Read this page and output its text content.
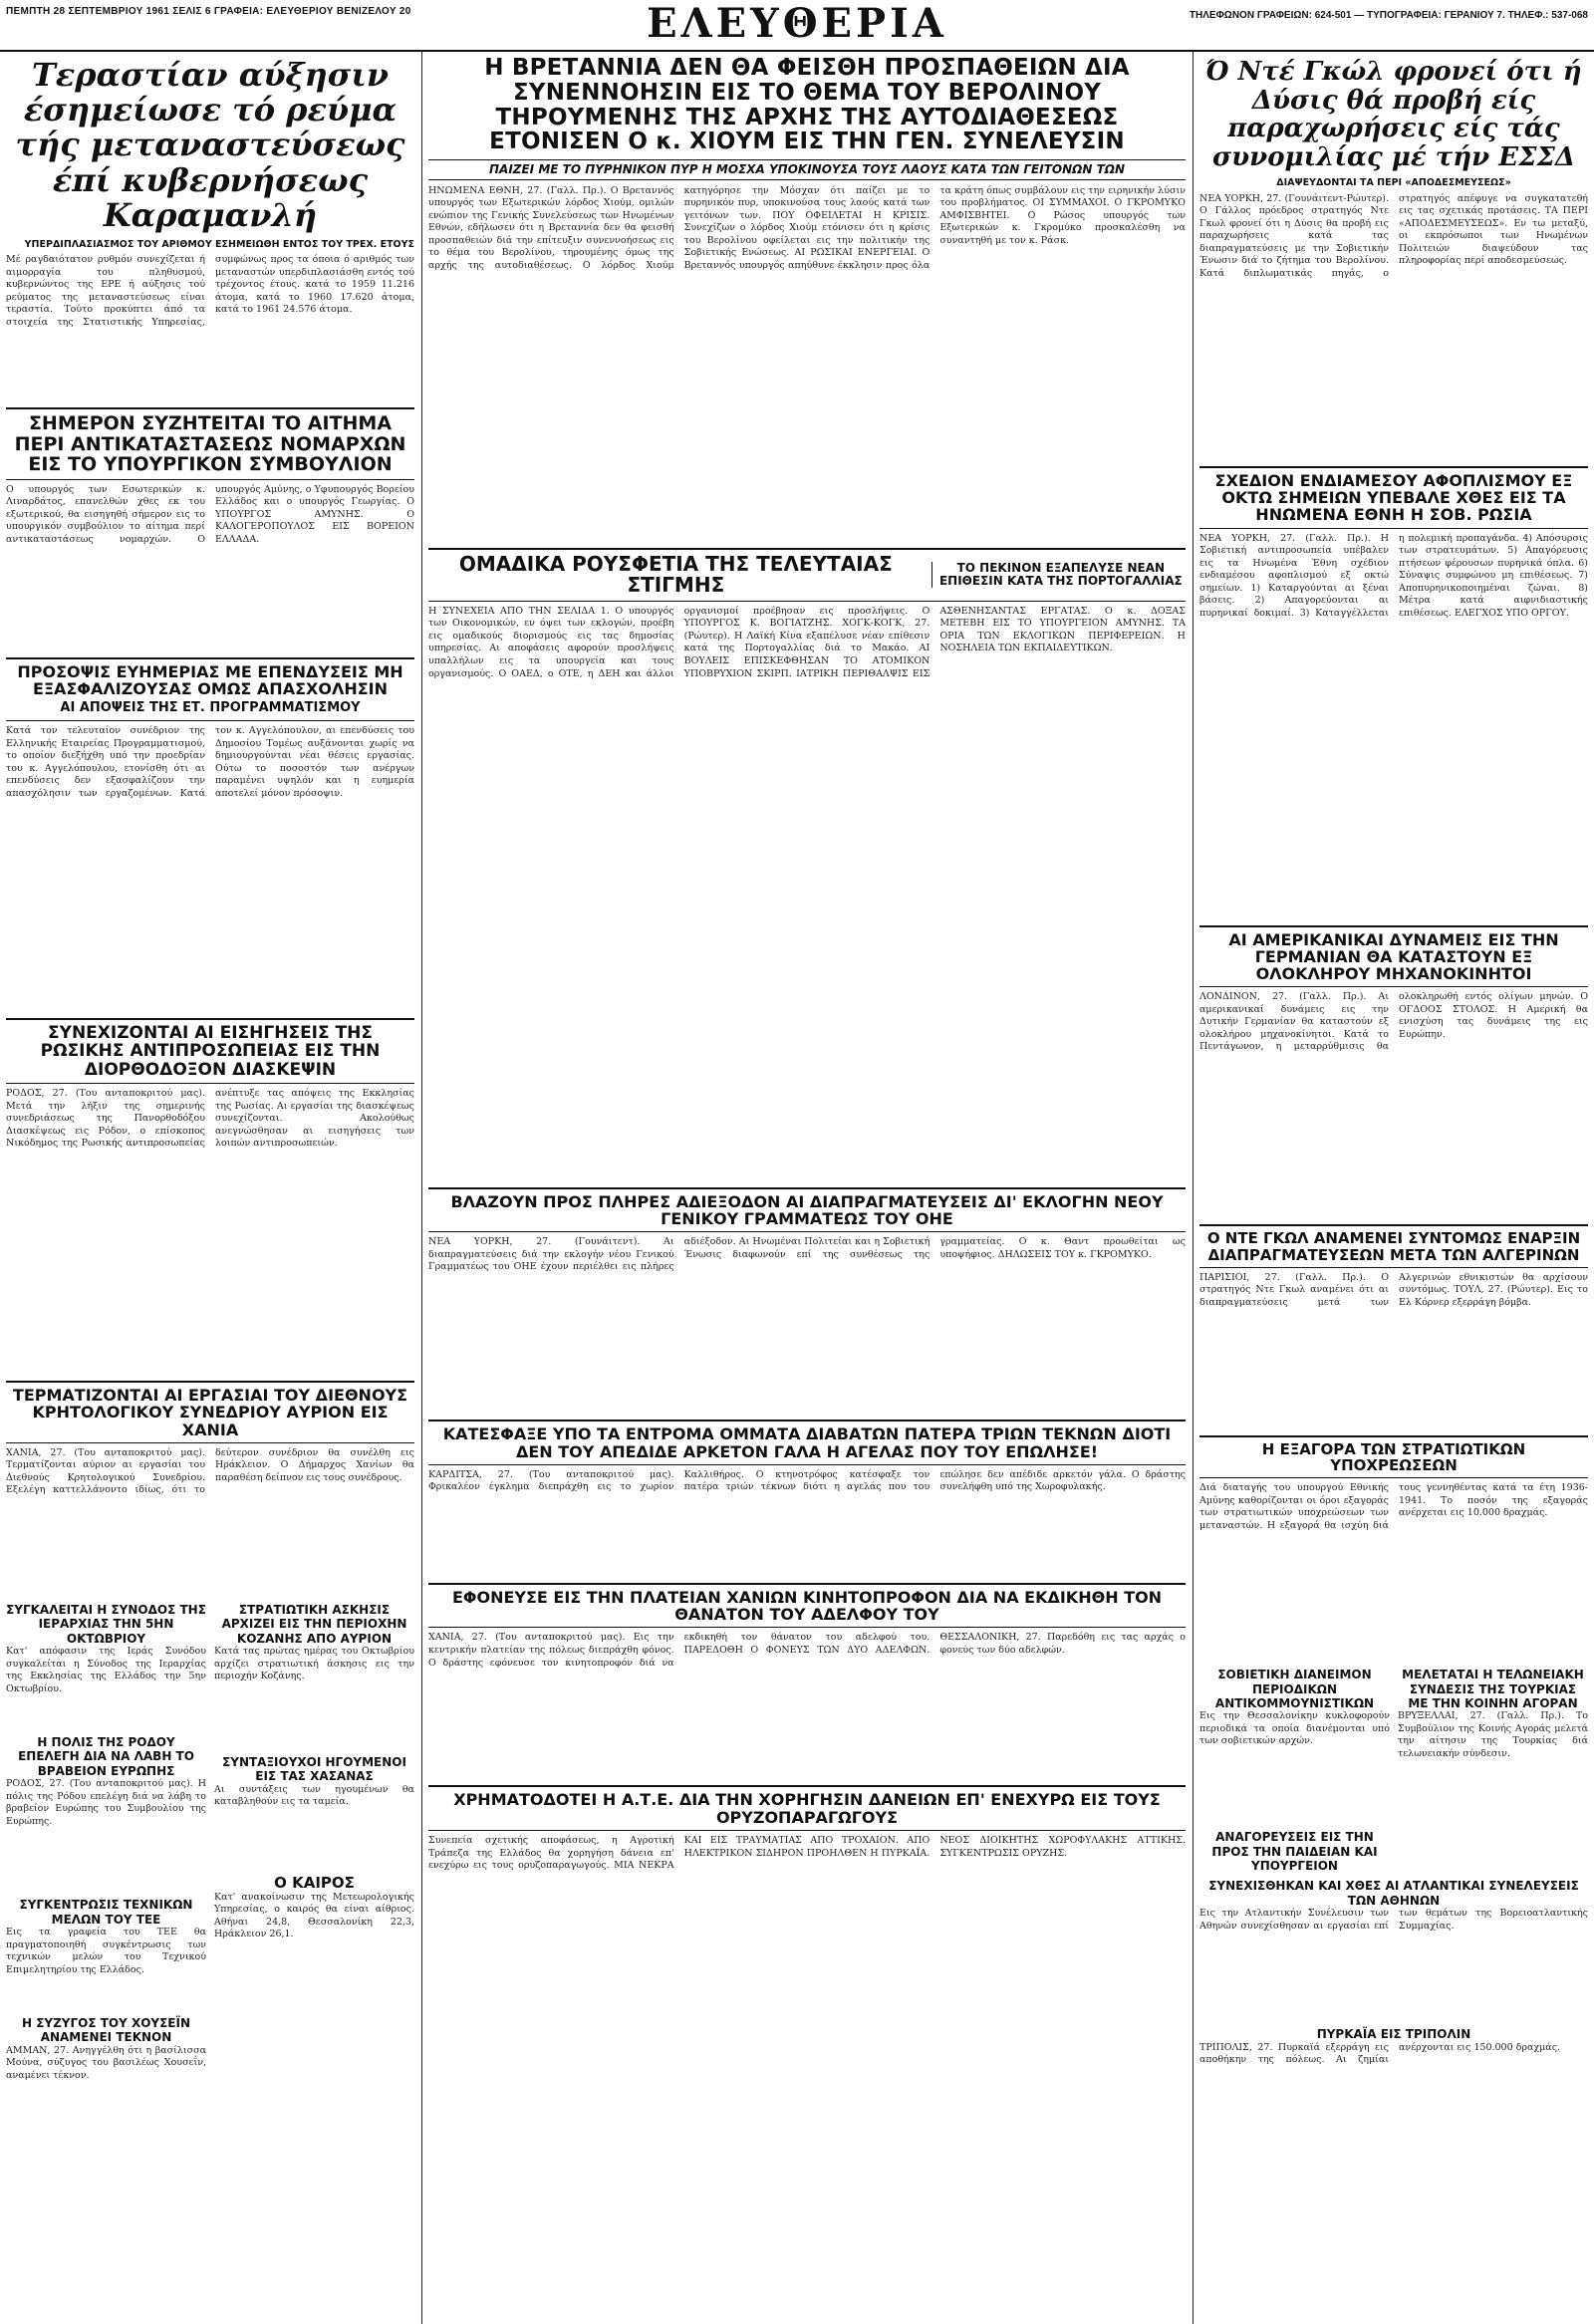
ΠΕΜΠΤΗ 28 ΣΕΠΤΕΜΒΡΙΟΥ 1961 ΣΕΛΙΣ 6 ΓΡΑΦΕΙΑ: ΕΛΕΥΘΕΡΙΟΥ ΒΕΝΙΖΕΛΟΥ 20	ΕΛΕΥΘΕΡΙΑ	ΤΗΛΕΦΩΝΟΝ ΓΡΑΦΕΙΩΝ: 624-501 — ΤΥΠΟΓΡΑΦΕΙΑ: ΓΕΡΑΝΙΟΥ 7. ΤΗΛΕΦ.: 537-068
Τεραστίαν αύξησιν έσημείωσε τό ρεύμα τής μεταναστεύσεως έπί κυβερνήσεως Καραμανλή
ΥΠΕΡΔΙΠΛΑΣΙΑΣΜΟΣ ΤΟΥ ΑΡΙΘΜΟΥ ΕΣΗΜΕΙΩΘΗ ΕΝΤΟΣ ΤΟΥ ΤΡΕΧ. ΕΤΟΥΣ
Μέ ραγδαιότατον ρυθμόν συνεχίζεται ή αιμορραγία του πληθυσμού, κυβερνώντος της ΕΡΕ ή αύξησις τού ρεύματος της μεταναστεύσεως είναι τεραστία. Τούτο προκύπτει άπό τα στοιχεία της Στατιστικής Υπηρεσίας, συμφώνως προς τα όποια ό αριθμός των μεταναστών υπερδιπλασιάσθη εντός τού τρέχοντος έτους. κατά το 1959 11.216 άτομα, κατά το 1960 17.620 άτομα, κατά το 1961 24.576 άτομα.
ΣΗΜΕΡΟΝ ΣΥΖΗΤΕΙΤΑΙ ΤΟ ΑΙΤΗΜΑ ΠΕΡΙ ΑΝΤΙΚΑΤΑΣΤΑΣΕΩΣ ΝΟΜΑΡΧΩΝ ΕΙΣ ΤΟ ΥΠΟΥΡΓΙΚΟΝ ΣΥΜΒΟΥΛΙΟΝ
Ο υπουργός των Εσωτερικών κ. Λιναρδάτος, επανελθών χθες εκ του εξωτερικού, θα εισηγηθή σήμερον εις το υπουργικόν συμβούλιον το αίτημα περί αντικαταστάσεως νομαρχών. Ο υπουργός Αμύνης, ο Υφυπουργός Βορείου Ελλάδος και ο υπουργός Γεωργίας. Ο ΥΠΟΥΡΓΟΣ ΑΜΥΝΗΣ. Ο ΚΑΛΟΓΕΡΟΠΟΥΛΟΣ ΕΙΣ ΒΟΡΕΙΟΝ ΕΛΛΑΔΑ.
ΠΡΟΣΟΨΙΣ ΕΥΗΜΕΡΙΑΣ ΜΕ ΕΠΕΝΔΥΣΕΙΣ ΜΗ ΕΞΑΣΦΑΛΙΖΟΥΣΑΣ ΟΜΩΣ ΑΠΑΣΧΟΛΗΣΙΝ
ΑΙ ΑΠΟΨΕΙΣ ΤΗΣ ΕΤ. ΠΡΟΓΡΑΜΜΑΤΙΣΜΟΥ
Κατά τον τελευταίον συνέδριον της Ελληνικής Εταιρείας Προγραμματισμού, το οποίον διεξήχθη υπό την προεδρίαν του κ. Αγγελόπουλου, ετονίσθη ότι αι επενδύσεις δεν εξασφαλίζουν την απασχόλησιν των εργαζομένων. Κατά τον κ. Αγγελόπουλον, αι επενδύσεις του Δημοσίου Τομέως αυξάνονται χωρίς να δημιουργούνται νέαι θέσεις εργασίας. Ούτω το ποσοστόν των ανέργων παραμένει υψηλόν και η ευημερία αποτελεί μόνον πρόσοψιν.
ΣΥΝΕΧΙΖΟΝΤΑΙ ΑΙ ΕΙΣΗΓΗΣΕΙΣ ΤΗΣ ΡΩΣΙΚΗΣ ΑΝΤΙΠΡΟΣΩΠΕΙΑΣ ΕΙΣ ΤΗΝ ΔΙΟΡΘΟΔΟΞΟΝ ΔΙΑΣΚΕΨΙΝ
ΡΟΔΟΣ, 27. (Του ανταποκριτού μας). Μετά την λήξιν της σημερινής συνεδριάσεως της Πανορθοδόξου Διασκέψεως εις Ρόδον, ο επίσκοπος Νικόδημος της Ρωσικής αντιπροσωπείας ανέπτυξε τας απόψεις της Εκκλησίας της Ρωσίας. Αι εργασίαι της διασκέψεως συνεχίζονται. Ακολούθως ανεγνώσθησαν αι εισηγήσεις των λοιπών αντιπροσωπειών.
ΤΕΡΜΑΤΙΖΟΝΤΑΙ ΑΙ ΕΡΓΑΣΙΑΙ ΤΟΥ ΔΙΕΘΝΟΥΣ ΚΡΗΤΟΛΟΓΙΚΟΥ ΣΥΝΕΔΡΙΟΥ ΑΥΡΙΟΝ ΕΙΣ ΧΑΝΙΑ
ΧΑΝΙΑ, 27. (Του ανταποκριτού μας). Τερματίζονται αύριον αι εργασίαι του Διεθνούς Κρητολογικού Συνεδρίου. Εξελέγη καττελλάνοντο ιδίως, ότι το δεύτερον συνέδριον θα συνέλθη εις Ηράκλειον. Ο Δήμαρχος Χανίων θα παραθέση δείπνον εις τους συνέδρους.
ΣΥΓΚΑΛΕΙΤΑΙ Η ΣΥΝΟΔΟΣ ΤΗΣ ΙΕΡΑΡΧΙΑΣ ΤΗΝ 5ΗΝ ΟΚΤΩΒΡΙΟΥ
Κατ' απόφασιν της Ιεράς Συνόδου συγκαλείται η Σύνοδος της Ιεραρχίας της Εκκλησίας της Ελλάδος την 5ην Οκτωβρίου.
Η ΠΟΛΙΣ ΤΗΣ ΡΟΔΟΥ ΕΠΕΛΕΓΗ ΔΙΑ ΝΑ ΛΑΒΗ ΤΟ ΒΡΑΒΕΙΟΝ ΕΥΡΩΠΗΣ
ΡΟΔΟΣ, 27. (Του ανταποκριτού μας). Η πόλις της Ρόδου επελέγη διά να λάβη το βραβείον Ευρώπης του Συμβουλίου της Ευρώπης.
ΣΥΓΚΕΝΤΡΩΣΙΣ ΤΕΧΝΙΚΩΝ ΜΕΛΩΝ ΤΟΥ ΤΕΕ
Εις τα γραφεία του ΤΕΕ θα πραγματοποιηθή συγκέντρωσις των τεχνικών μελών του Τεχνικού Επιμελητηρίου της Ελλάδος.
Η ΣΥΖΥΓΟΣ ΤΟΥ ΧΟΥΣΕΪΝ ΑΝΑΜΕΝΕΙ ΤΕΚΝΟΝ
ΑΜΜΑΝ, 27. Ανηγγέλθη ότι η βασίλισσα Μούνα, σύζυγος του βασιλέως Χουσεΐν, αναμένει τέκνον.
ΣΤΡΑΤΙΩΤΙΚΗ ΑΣΚΗΣΙΣ ΑΡΧΙΖΕΙ ΕΙΣ ΤΗΝ ΠΕΡΙΟΧΗΝ ΚΟΖΑΝΗΣ ΑΠΟ ΑΥΡΙΟΝ
Κατά τας πρώτας ημέρας του Οκτωβρίου αρχίζει στρατιωτική άσκησις εις την περιοχήν Κοζάνης.
ΣΥΝΤΑΞΙΟΥΧΟΙ ΗΓΟΥΜΕΝΟΙ ΕΙΣ ΤΑΣ ΧΑΣΑΝΑΣ
Αι συντάξεις των ηγουμένων θα καταβληθούν εις τα ταμεία.
Ο ΚΑΙΡΟΣ
Κατ' ανακοίνωσιν της Μετεωρολογικής Υπηρεσίας, ο καιρός θα είναι αίθριος. Αθήναι 24,8, Θεσσαλονίκη 22,3, Ηράκλειον 26,1.
Η ΒΡΕΤΑΝΝΙΑ ΔΕΝ ΘΑ ΦΕΙΣΘΗ ΠΡΟΣΠΑΘΕΙΩΝ ΔΙΑ ΣΥΝΕΝΝΟΗΣΙΝ ΕΙΣ ΤΟ ΘΕΜΑ ΤΟΥ ΒΕΡΟΛΙΝΟΥ ΤΗΡΟΥΜΕΝΗΣ ΤΗΣ ΑΡΧΗΣ ΤΗΣ ΑΥΤΟΔΙΑΘΕΣΕΩΣ ΕΤΟΝΙΣΕΝ Ο κ. ΧΙΟΥΜ ΕΙΣ ΤΗΝ ΓΕΝ. ΣΥΝΕΛΕΥΣΙΝ
ΠΑΙΖΕΙ ΜΕ ΤΟ ΠΥΡΗΝΙΚΟΝ ΠΥΡ Η ΜΟΣΧΑ ΥΠΟΚΙΝΟΥΣΑ ΤΟΥΣ ΛΑΟΥΣ ΚΑΤΑ ΤΩΝ ΓΕΙΤΟΝΩΝ ΤΩΝ
ΗΝΩΜΕΝΑ ΕΘΝΗ, 27. (Γαλλ. Πρ.). Ο Βρεταννός υπουργός των Εξωτερικών λόρδος Χιούμ, ομιλών ενώπιον της Γενικής Συνελεύσεως των Ηνωμένων Εθνών, εδήλωσεν ότι η Βρεταννία δεν θα φεισθή προσπαθειών διά την επίτευξιν συνεννοήσεως εις το θέμα του Βερολίνου, τηρουμένης όμως της αρχής της αυτοδιαθέσεως. Ο λόρδος Χιούμ κατηγόρησε την Μόσχαν ότι παίζει με το πυρηνικόν πυρ, υποκινούσα τους λαούς κατά των γειτόνων των. ΠΟΥ ΟΦΕΙΛΕΤΑΙ Η ΚΡΙΣΙΣ. Συνεχίζων ο λόρδος Χιούμ ετόνισεν ότι η κρίσις του Βερολίνου οφείλεται εις την πολιτικήν της Σοβιετικής Ενώσεως. ΑΙ ΡΩΣΙΚΑΙ ΕΝΕΡΓΕΙΑΙ. Ο Βρεταννός υπουργός απηύθυνε έκκλησιν προς όλα τα κράτη όπως συμβάλουν εις την ειρηνικήν λύσιν του προβλήματος. ΟΙ ΣΥΜΜΑΧΟΙ. Ο ΓΚΡΟΜΥΚΟ ΑΜΦΙΣΒΗΤΕΙ. Ο Ρώσος υπουργός των Εξωτερικών κ. Γκρομύκο προσκαλέσθη να συναντηθή με τον κ. Ράσκ.
ΟΜΑΔΙΚΑ ΡΟΥΣΦΕΤΙΑ ΤΗΣ ΤΕΛΕΥΤΑΙΑΣ ΣΤΙΓΜΗΣ
ΤΟ ΠΕΚΙΝΟΝ ΕΞΑΠΕΛΥΣΕ ΝΕΑΝ ΕΠΙΘΕΣΙΝ ΚΑΤΑ ΤΗΣ ΠΟΡΤΟΓΑΛΛΙΑΣ
Η ΣΥΝΕΧΕΙΑ ΑΠΟ ΤΗΝ ΣΕΛΙΔΑ 1. Ο υπουργός των Οικονομικών, εν όψει των εκλογών, προέβη εις ομαδικούς διορισμούς εις τας δημοσίας υπηρεσίας. Αι αποφάσεις αφορούν προσλήψεις υπαλλήλων εις τα υπουργεία και τους οργανισμούς. Ο ΟΑΕΔ, ο ΟΤΕ, η ΔΕΗ και άλλοι οργανισμοί προέβησαν εις προσλήψεις. Ο ΥΠΟΥΡΓΟΣ Κ. ΒΟΓΙΑΤΖΗΣ. ΧΟΓΚ-ΚΟΓΚ, 27. (Ρώυτερ). Η Λαϊκή Κίνα εξαπέλυσε νέαν επίθεσιν κατά της Πορτογαλλίας διά το Μακάο. ΑΙ ΒΟΥΛΕΙΣ ΕΠΙΣΚΕΦΘΗΣΑΝ ΤΟ ΑΤΟΜΙΚΟΝ ΥΠΟΒΡΥΧΙΟΝ ΣΚΙΡΠ. ΙΑΤΡΙΚΗ ΠΕΡΙΘΑΛΨΙΣ ΕΙΣ ΑΣΘΕΝΗΣΑΝΤΑΣ ΕΡΓΑΤΑΣ. Ο κ. ΔΟΞΑΣ ΜΕΤΕΒΗ ΕΙΣ ΤΟ ΥΠΟΥΡΓΕΙΟΝ ΑΜΥΝΗΣ. ΤΑ ΟΡΙΑ ΤΩΝ ΕΚΛΟΓΙΚΩΝ ΠΕΡΙΦΕΡΕΙΩΝ. Η ΝΟΣΗΛΕΙΑ ΤΩΝ ΕΚΠΑΙΔΕΥΤΙΚΩΝ.
ΒΛΑΖΟΥΝ ΠΡΟΣ ΠΛΗΡΕΣ ΑΔΙΕΞΟΔΟΝ ΑΙ ΔΙΑΠΡΑΓΜΑΤΕΥΣΕΙΣ ΔΙ' ΕΚΛΟΓΗΝ ΝΕΟΥ ΓΕΝΙΚΟΥ ΓΡΑΜΜΑΤΕΩΣ ΤΟΥ ΟΗΕ
ΝΕΑ ΥΟΡΚΗ, 27. (Γουνάιτεντ). Αι διαπραγματεύσεις διά την εκλογήν νέου Γενικού Γραμματέως του ΟΗΕ έχουν περιέλθει εις πλήρες αδιέξοδον. Αι Ηνωμέναι Πολιτείαι και η Σοβιετική Ένωσις διαφωνούν επί της συνθέσεως της γραμματείας. Ο κ. Θαντ προωθείται ως υποψήφιος. ΔΗΛΩΣΕΙΣ ΤΟΥ κ. ΓΚΡΟΜΥΚΟ.
ΚΑΤΕΣΦΑΞΕ ΥΠΟ ΤΑ ΕΝΤΡΟΜΑ ΟΜΜΑΤΑ ΔΙΑΒΑΤΩΝ ΠΑΤΕΡΑ ΤΡΙΩΝ ΤΕΚΝΩΝ ΔΙΟΤΙ ΔΕΝ ΤΟΥ ΑΠΕΔΙΔΕ ΑΡΚΕΤΟΝ ΓΑΛΑ Η ΑΓΕΛΑΣ ΠΟΥ ΤΟΥ ΕΠΩΛΗΣΕ!
ΚΑΡΔΙΤΣΑ, 27. (Του ανταποκριτού μας). Φρικαλέον έγκλημα διεπράχθη εις το χωρίον Καλλιθήρος. Ο κτηνοτρόφος κατέσφαξε τον πατέρα τριών τέκνων διότι η αγελάς που του επώλησε δεν απέδιδε αρκετόν γάλα. Ο δράστης συνελήφθη υπό της Χωροφυλακής.
ΕΦΟΝΕΥΣΕ ΕΙΣ ΤΗΝ ΠΛΑΤΕΙΑΝ ΧΑΝΙΩΝ ΚΙΝΗΤΟΠΡΟΦΟΝ ΔΙΑ ΝΑ ΕΚΔΙΚΗΘΗ ΤΟΝ ΘΑΝΑΤΟΝ ΤΟΥ ΑΔΕΛΦΟΥ ΤΟΥ
ΧΑΝΙΑ, 27. (Του ανταποκριτού μας). Εις την κεντρικήν πλατείαν της πόλεως διεπράχθη φόνος. Ο δράστης εφόνευσε τον κινητοπροφόν διά να εκδικηθή τον θάνατον του αδελφού του. ΠΑΡΕΔΟΘΗ Ο ΦΟΝΕΥΣ ΤΩΝ ΔΥΟ ΑΔΕΛΦΩΝ. ΘΕΣΣΑΛΟΝΙΚΗ, 27. Παρεδόθη εις τας αρχάς ο φονεύς των δύο αδελφών.
ΧΡΗΜΑΤΟΔΟΤΕΙ Η Α.Τ.Ε. ΔΙΑ ΤΗΝ ΧΟΡΗΓΗΣΙΝ ΔΑΝΕΙΩΝ ΕΠ' ΕΝΕΧΥΡΩ ΕΙΣ ΤΟΥΣ ΟΡΥΖΟΠΑΡΑΓΩΓΟΥΣ
Συνεπεία σχετικής αποφάσεως, η Αγροτική Τράπεζα της Ελλάδος θα χορηγήση δάνεια επ' ενεχύρω εις τους ορυζοπαραγωγούς. ΜΙΑ ΝΕΚΡΑ ΚΑΙ ΕΙΣ ΤΡΑΥΜΑΤΙΑΣ ΑΠΟ ΤΡΟΧΑΙΟΝ. ΑΠΟ ΗΛΕΚΤΡΙΚΟΝ ΣΙΔΗΡΟΝ ΠΡΟΗΛΘΕΝ Η ΠΥΡΚΑΪΑ. ΝΕΟΣ ΔΙΟΙΚΗΤΗΣ ΧΩΡΟΦΥΛΑΚΗΣ ΑΤΤΙΚΗΣ. ΣΥΓΚΕΝΤΡΩΣΙΣ ΟΡΥΖΗΣ.
Ό Ντέ Γκώλ φρονεί ότι ή Δύσις θά προβή είς παραχωρήσεις είς τάς συνομιλίας μέ τήν ΕΣΣΔ
ΔΙΑΨΕΥΔΟΝΤΑΙ ΤΑ ΠΕΡΙ «ΑΠΟΔΕΣΜΕΥΣΕΩΣ»
ΝΕΑ ΥΟΡΚΗ, 27. (Γουνάιτεντ-Ρώυτερ). Ο Γάλλος πρόεδρος στρατηγός Ντε Γκωλ φρονεί ότι η Δύσις θα προβή εις παραχωρήσεις κατά τας διαπραγματεύσεις με την Σοβιετικήν Ένωσιν διά το ζήτημα του Βερολίνου. Κατά διπλωματικάς πηγάς, ο στρατηγός απέφυγε να συγκατατεθή εις τας σχετικάς προτάσεις. ΤΑ ΠΕΡΙ «ΑΠΟΔΕΣΜΕΥΣΕΩΣ». Εν τω μεταξύ, οι εκπρόσωποι των Ηνωμένων Πολιτειών διαψεύδουν τας πληροφορίας περί αποδεσμεύσεως.
ΣΧΕΔΙΟΝ ΕΝΔΙΑΜΕΣΟΥ ΑΦΟΠΛΙΣΜΟΥ ΕΞ ΟΚΤΩ ΣΗΜΕΙΩΝ ΥΠΕΒΑΛΕ ΧΘΕΣ ΕΙΣ ΤΑ ΗΝΩΜΕΝΑ ΕΘΝΗ Η ΣΟΒ. ΡΩΣΙΑ
ΝΕΑ ΥΟΡΚΗ, 27. (Γαλλ. Πρ.). Η Σοβιετική αντιπροσωπεία υπέβαλεν εις τα Ηνωμένα Έθνη σχέδιον ενδιαμέσου αφοπλισμού εξ οκτώ σημείων. 1) Καταργούνται αι ξέναι βάσεις. 2) Απαγορεύονται αι πυρηνικαί δοκιμαί. 3) Καταγγέλλεται η πολεμική προπαγάνδα. 4) Απόσυρσις των στρατευμάτων. 5) Απαγόρευσις πτήσεων φέρουσων πυρηνικά όπλα. 6) Σύναψις συμφώνου μη επιθέσεως. 7) Αποπυρηνικοποιημέναι ζώναι. 8) Μέτρα κατά αιφνιδιαστικής επιθέσεως. ΕΛΕΓΧΟΣ ΥΠΟ ΟΡΓΟΥ.
ΑΙ ΑΜΕΡΙΚΑΝΙΚΑΙ ΔΥΝΑΜΕΙΣ ΕΙΣ ΤΗΝ ΓΕΡΜΑΝΙΑΝ ΘΑ ΚΑΤΑΣΤΟΥΝ ΕΞ ΟΛΟΚΛΗΡΟΥ ΜΗΧΑΝΟΚΙΝΗΤΟΙ
ΛΟΝΔΙΝΟΝ, 27. (Γαλλ. Πρ.). Αι αμερικανικαί δυνάμεις εις την Δυτικήν Γερμανίαν θα καταστούν εξ ολοκλήρου μηχανοκίνητοι. Κατά το Πεντάγωνον, η μεταρρύθμισις θα ολοκληρωθή εντός ολίγων μηνών. Ο ΟΓΔΟΟΣ ΣΤΟΛΟΣ. Η Αμερική θα ενισχύση τας δυνάμεις της εις Ευρώπην.
Ο ΝΤΕ ΓΚΩΛ ΑΝΑΜΕΝΕΙ ΣΥΝΤΟΜΩΣ ΕΝΑΡΞΙΝ ΔΙΑΠΡΑΓΜΑΤΕΥΣΕΩΝ ΜΕΤΑ ΤΩΝ ΑΛΓΕΡΙΝΩΝ
ΠΑΡΙΣΙΟΙ, 27. (Γαλλ. Πρ.). Ο στρατηγός Ντε Γκωλ αναμένει ότι αι διαπραγματεύσεις μετά των Αλγερινών εθνικιστών θα αρχίσουν συντόμως. ΤΟΥΛ, 27. (Ρώυτερ). Εις το Ελ Κόρνερ εξερράγη βόμβα.
Η ΕΞΑΓΟΡΑ ΤΩΝ ΣΤΡΑΤΙΩΤΙΚΩΝ ΥΠΟΧΡΕΩΣΕΩΝ
Διά διαταγής του υπουργού Εθνικής Αμύνης καθορίζονται οι όροι εξαγοράς των στρατιωτικών υποχρεώσεων των μεταναστών. Η εξαγορά θα ισχύη διά τους γεννηθέντας κατά τα έτη 1936-1941. Το ποσόν της εξαγοράς ανέρχεται εις 10.000 δραχμάς.
ΣΟΒΙΕΤΙΚΗ ΔΙΑΝΕΙΜΟΝ ΠΕΡΙΟΔΙΚΩΝ ΑΝΤΙΚΟΜΜΟΥΝΙΣΤΙΚΩΝ
Εις την Θεσσαλονίκην κυκλοφορούν περιοδικά τα οποία διανέμονται υπό των σοβιετικών αρχών.
ΑΝΑΓΟΡΕΥΣΕΙΣ ΕΙΣ ΤΗΝ ΠΡΟΣ ΤΗΝ ΠΑΙΔΕΙΑΝ ΚΑΙ ΥΠΟΥΡΓΕΙΟΝ
ΜΕΛΕΤΑΤΑΙ Η ΤΕΛΩΝΕΙΑΚΗ ΣΥΝΔΕΣΙΣ ΤΗΣ ΤΟΥΡΚΙΑΣ ΜΕ ΤΗΝ ΚΟΙΝΗΝ ΑΓΟΡΑΝ
ΒΡΥΞΕΛΛΑΙ, 27. (Γαλλ. Πρ.). Το Συμβούλιον της Κοινής Αγοράς μελετά την αίτησιν της Τουρκίας διά τελωνειακήν σύνδεσιν.
ΣΥΝΕΧΙΣΘΗΚΑΝ ΚΑΙ ΧΘΕΣ ΑΙ ΑΤΛΑΝΤΙΚΑΙ ΣΥΝΕΛΕΥΣΕΙΣ ΤΩΝ ΑΘΗΝΩΝ
Εις την Ατλαντικήν Συνέλευσιν των Αθηνών συνεχίσθησαν αι εργασίαι επί των θεμάτων της Βορειοατλαντικής Συμμαχίας.
ΠΥΡΚΑΪΑ ΕΙΣ ΤΡΙΠΟΛΙΝ
ΤΡΙΠΟΛΙΣ, 27. Πυρκαϊά εξερράγη εις αποθήκην της πόλεως. Αι ζημίαι ανέρχονται εις 150.000 δραχμάς.
